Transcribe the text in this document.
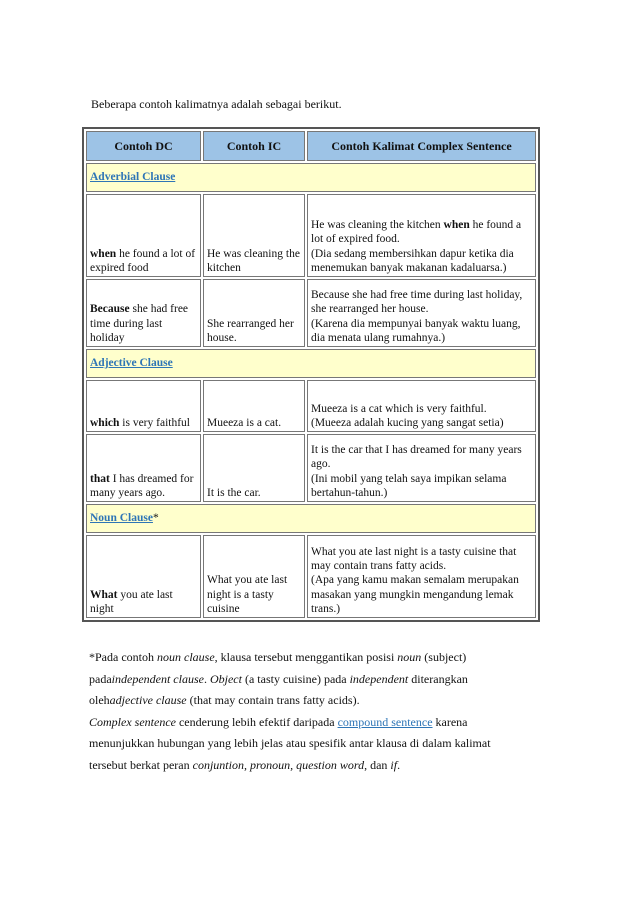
Beberapa contoh kalimatnya adalah sebagai berikut.
Contoh DC	Contoh IC	Contoh Kalimat Complex Sentence
Adverbial Clause		
when he found a lot of expired food	He was cleaning the kitchen	He was cleaning the kitchen when he found a lot of expired food.
(Dia sedang membersihkan dapur ketika dia menemukan banyak makanan kadaluarsa.)
Because she had free time during last holiday	She rearranged her house.	Because she had free time during last holiday, she rearranged her house.
(Karena dia mempunyai banyak waktu luang, dia menata ulang rumahnya.)
Adjective Clause		
which is very faithful	Mueeza is a cat.	Mueeza is a cat which is very faithful.
(Mueeza adalah kucing yang sangat setia)
that I has dreamed for many years ago.	It is the car.	It is the car that I has dreamed for many years ago.
(Ini mobil yang telah saya impikan selama bertahun-tahun.)
Noun Clause*		
What you ate last night	What you ate last night is a tasty cuisine	What you ate last night is a tasty cuisine that may contain trans fatty acids.
(Apa yang kamu makan semalam merupakan masakan yang mungkin mengandung lemak trans.)

*Pada contoh noun clause, klausa tersebut menggantikan posisi noun (subject)

padaindependent clause. Object (a tasty cuisine) pada independent diterangkan

olehadjective clause (that may contain trans fatty acids).

Complex sentence cenderung lebih efektif daripada compound sentence karena

menunjukkan hubungan yang lebih jelas atau spesifik antar klausa di dalam kalimat

tersebut berkat peran conjuntion, pronoun, question word, dan if.
